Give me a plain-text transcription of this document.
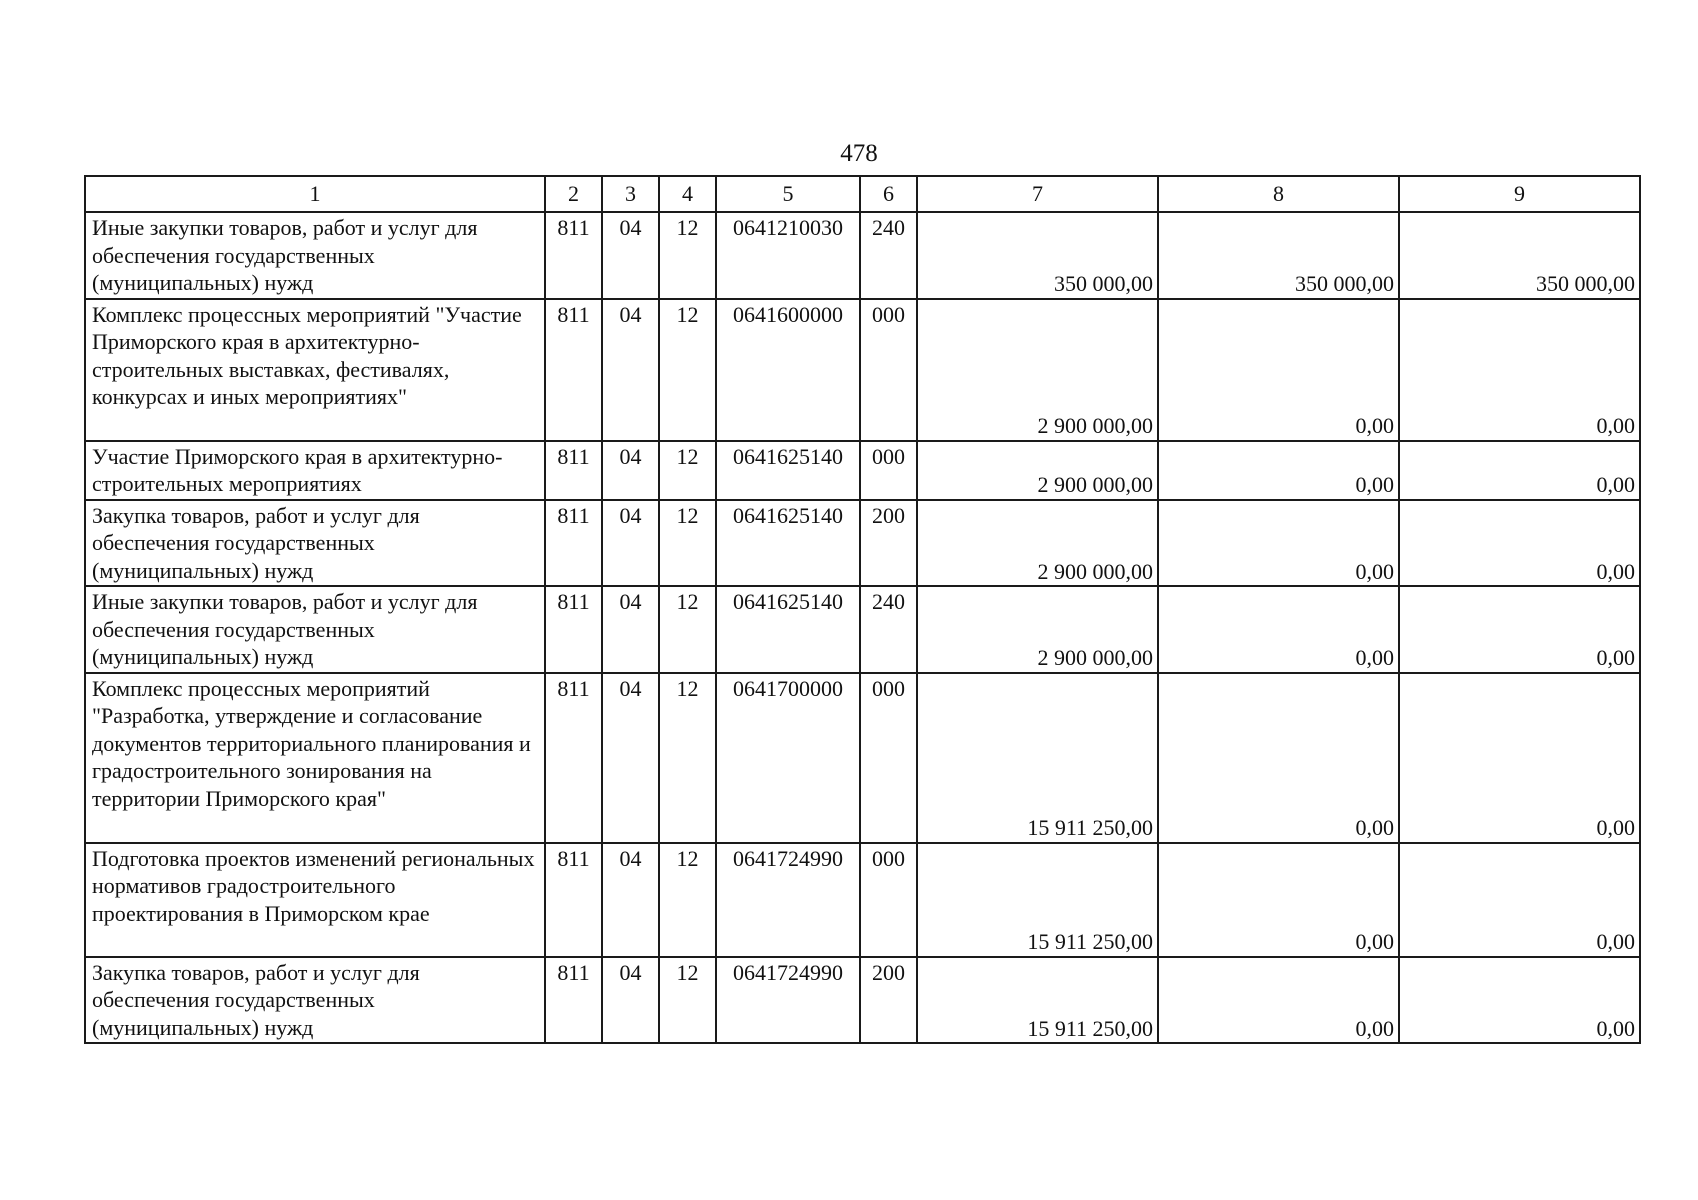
478
1	2	3	4	5	6	7	8	9
Иные закупки товаров, работ и услуг для обеспечения государственных (муниципальных) нужд	811	04	12	0641210030	240	350 000,00	350 000,00	350 000,00
Комплекс процессных мероприятий "Участие Приморского края в архитектурно-строительных выставках, фестивалях, конкурсах и иных мероприятиях"	811	04	12	0641600000	000	2 900 000,00	0,00	0,00
Участие Приморского края в архитектурно-строительных мероприятиях	811	04	12	0641625140	000	2 900 000,00	0,00	0,00
Закупка товаров, работ и услуг для обеспечения государственных (муниципальных) нужд	811	04	12	0641625140	200	2 900 000,00	0,00	0,00
Иные закупки товаров, работ и услуг для обеспечения государственных (муниципальных) нужд	811	04	12	0641625140	240	2 900 000,00	0,00	0,00
Комплекс процессных мероприятий "Разработка, утверждение и согласование документов территориального планирования и градостроительного зонирования на территории Приморского края"	811	04	12	0641700000	000	15 911 250,00	0,00	0,00
Подготовка проектов изменений региональных нормативов градостроительного проектирования в Приморском крае	811	04	12	0641724990	000	15 911 250,00	0,00	0,00
Закупка товаров, работ и услуг для обеспечения государственных (муниципальных) нужд	811	04	12	0641724990	200	15 911 250,00	0,00	0,00
